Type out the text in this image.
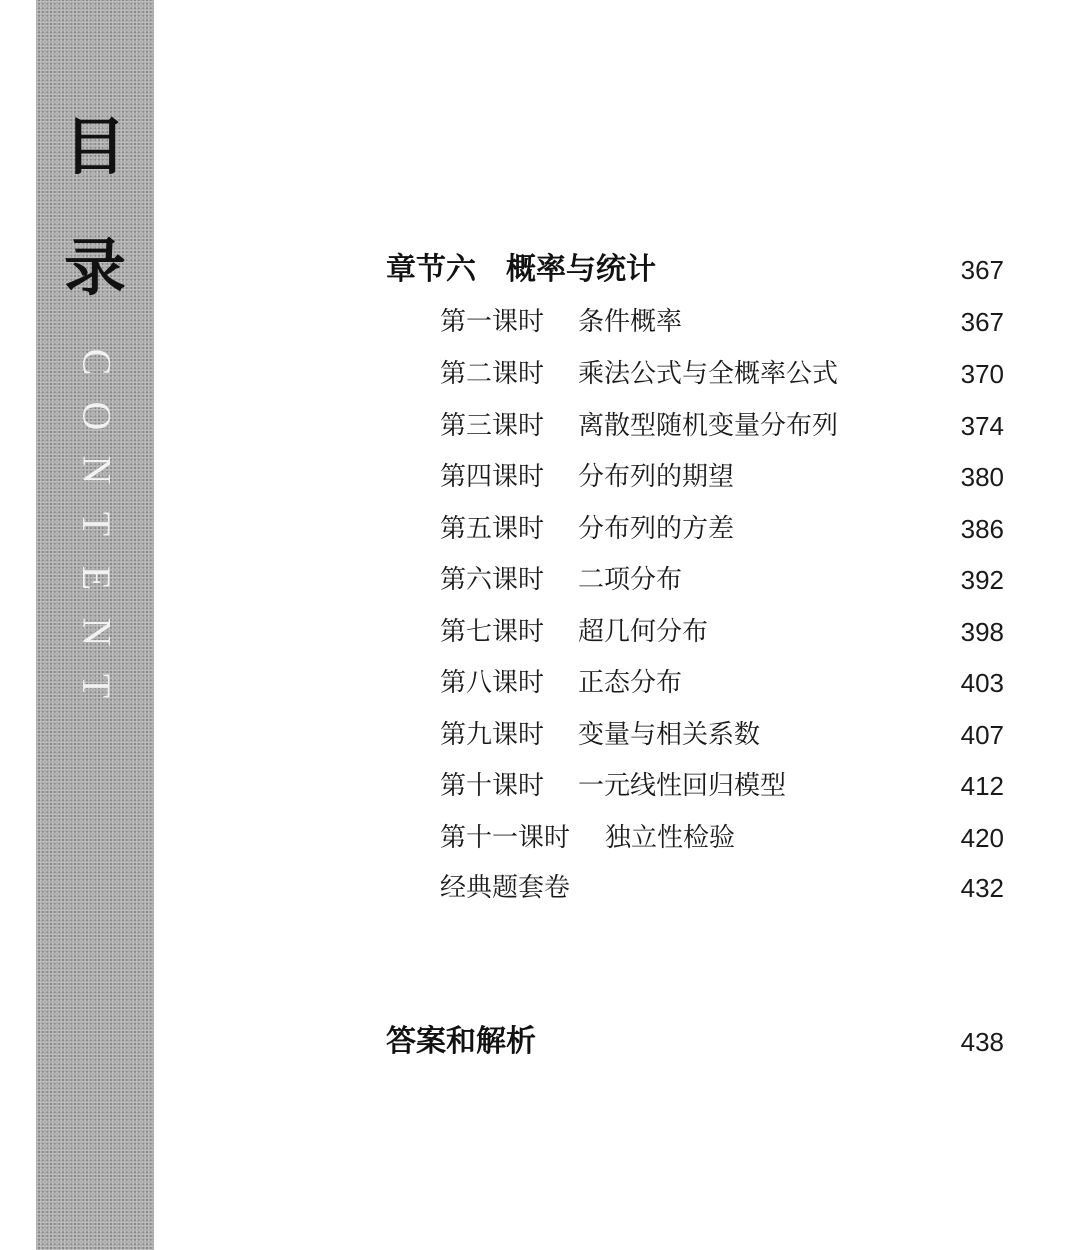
目
录
C
O
N
T
E
N
T
章节六　概率与统计	367
第一课时 条件概率	367
第二课时 乘法公式与全概率公式	370
第三课时 离散型随机变量分布列	374
第四课时 分布列的期望	380
第五课时 分布列的方差	386
第六课时 二项分布	392
第七课时 超几何分布	398
第八课时 正态分布	403
第九课时 变量与相关系数	407
第十课时 一元线性回归模型	412
第十一课时 独立性检验	420
经典题套卷	432
答案和解析	438
